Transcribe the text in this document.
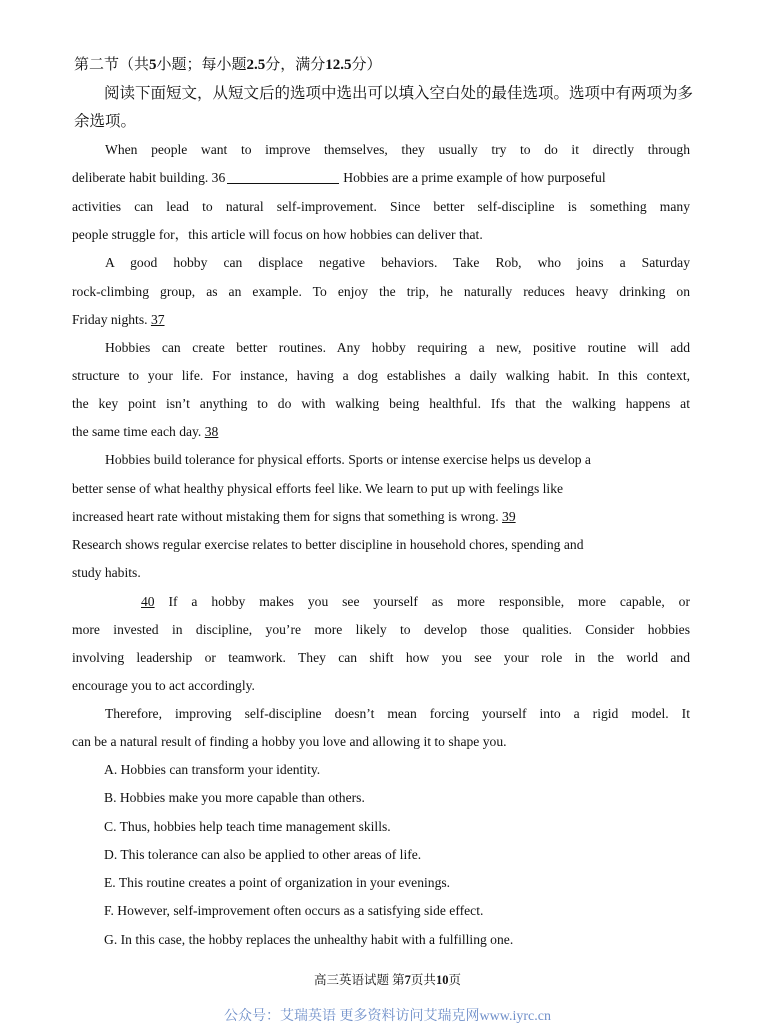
第二节（共5小题；每小题2.5分，满分12.5分）
阅读下面短文，从短文后的选项中选出可以填入空白处的最佳选项。选项中有两项为多余选项。
When people want to improve themselves, they usually try to do it directly through
deliberate habit building. 36	Hobbies are a prime example of how purposeful
activities can lead to natural self-improvement. Since better self-discipline is something many
people struggle for，this article will focus on how hobbies can deliver that.
A good hobby can displace negative behaviors. Take Rob, who joins a Saturday
rock-climbing group, as an example. To enjoy the trip, he naturally reduces heavy drinking on
Friday nights. 37
Hobbies can create better routines. Any hobby requiring a new, positive routine will add
structure to your life. For instance, having a dog establishes a daily walking habit. In this context,
the key point isn’t anything to do with walking being healthful. Ifs that the walking happens at
the same time each day. 38
Hobbies build tolerance for physical efforts. Sports or intense exercise helps us develop a
better sense of what healthy physical efforts feel like. We learn to put up with feelings like
increased heart rate without mistaking them for signs that something is wrong. 39
Research shows regular exercise relates to better discipline in household chores, spending and
study habits.
40 If a hobby makes you see yourself as more responsible, more capable, or
more invested in discipline, you’re more likely to develop those qualities. Consider hobbies
involving leadership or teamwork. They can shift how you see your role in the world and
encourage you to act accordingly.
Therefore, improving self-discipline doesn’t mean forcing yourself into a rigid model. It
can be a natural result of finding a hobby you love and allowing it to shape you.
A. Hobbies can transform your identity.
B. Hobbies make you more capable than others.
C. Thus, hobbies help teach time management skills.
D. This tolerance can also be applied to other areas of life.
E. This routine creates a point of organization in your evenings.
F. However, self-improvement often occurs as a satisfying side effect.
G. In this case, the hobby replaces the unhealthy habit with a fulfilling one.
高三英语试题 第7页共10页
公众号：艾瑞英语 更多资料访问艾瑞克网www.iyrc.cn
